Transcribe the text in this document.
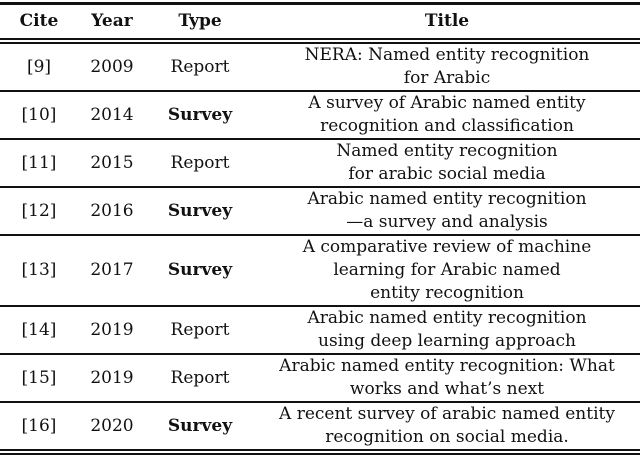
Cite	Year	Type	Title
[9]	2009	Report	NERA: Named entity recognition
for Arabic
[10]	2014	Survey	A survey of Arabic named entity
recognition and classification
[11]	2015	Report	Named entity recognition
for arabic social media
[12]	2016	Survey	Arabic named entity recognition
—a survey and analysis
[13]	2017	Survey	A comparative review of machine
learning for Arabic named
entity recognition
[14]	2019	Report	Arabic named entity recognition
using deep learning approach
[15]	2019	Report	Arabic named entity recognition: What
works and what’s next
[16]	2020	Survey	A recent survey of arabic named entity
recognition on social media.
